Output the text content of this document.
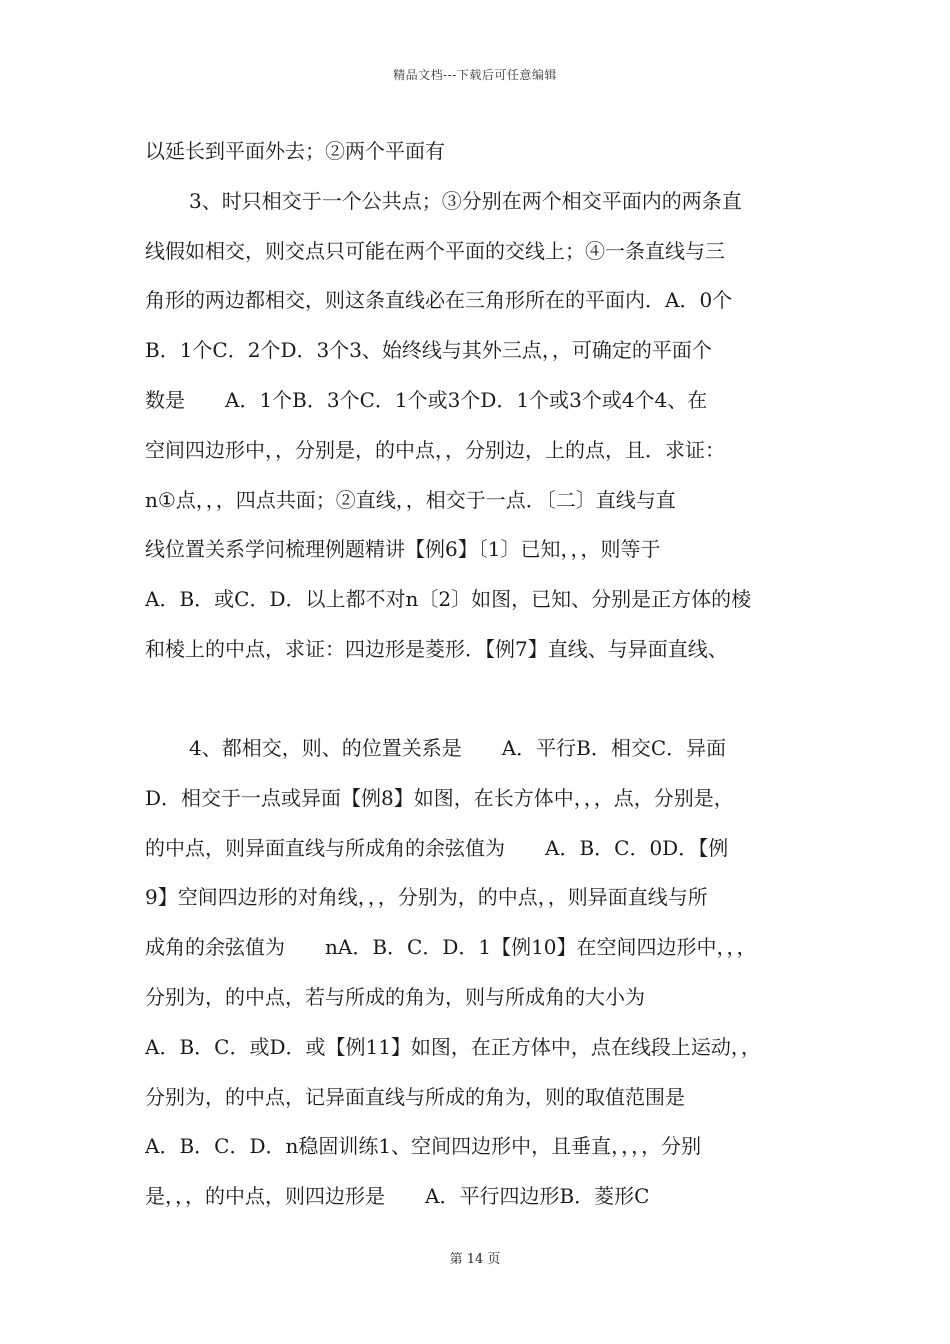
精品文档---下载后可任意编辑
以延长到平面外去；②两个平面有
3、时只相交于一个公共点；③分别在两个相交平面内的两条直
线假如相交，则交点只可能在两个平面的交线上；④一条直线与三
角形的两边都相交，则这条直线必在三角形所在的平面内．A．0个
B．1个C．2个D．3个3、始终线与其外三点，，可确定的平面个
数是　　A．1个B．3个C．1个或3个D．1个或3个或4个4、在
空间四边形中，，分别是，的中点，，分别边，上的点，且．求证：
n①点，，，四点共面；②直线，，相交于一点．〔二〕直线与直
线位置关系学问梳理例题精讲【例6】〔1〕已知，，，则等于
A．B．或C．D．以上都不对n〔2〕如图，已知、分别是正方体的棱
和棱上的中点，求证：四边形是菱形．【例7】直线、与异面直线、
4、都相交，则、的位置关系是　　A．平行B．相交C．异面
D．相交于一点或异面【例8】如图，在长方体中，，，点，分别是，
的中点，则异面直线与所成角的余弦值为　　A．B．C．0D．【例
9】空间四边形的对角线，，，分别为，的中点，，则异面直线与所
成角的余弦值为　　nA．B．C．D．1【例10】在空间四边形中，，，
分别为，的中点，若与所成的角为，则与所成角的大小为
A．B．C．或D．或【例11】如图，在正方体中，点在线段上运动，，
分别为，的中点，记异面直线与所成的角为，则的取值范围是
A．B．C．D．n稳固训练1、空间四边形中，且垂直，，，，分别
是，，，的中点，则四边形是　　A．平行四边形B．菱形C
第 14 页
